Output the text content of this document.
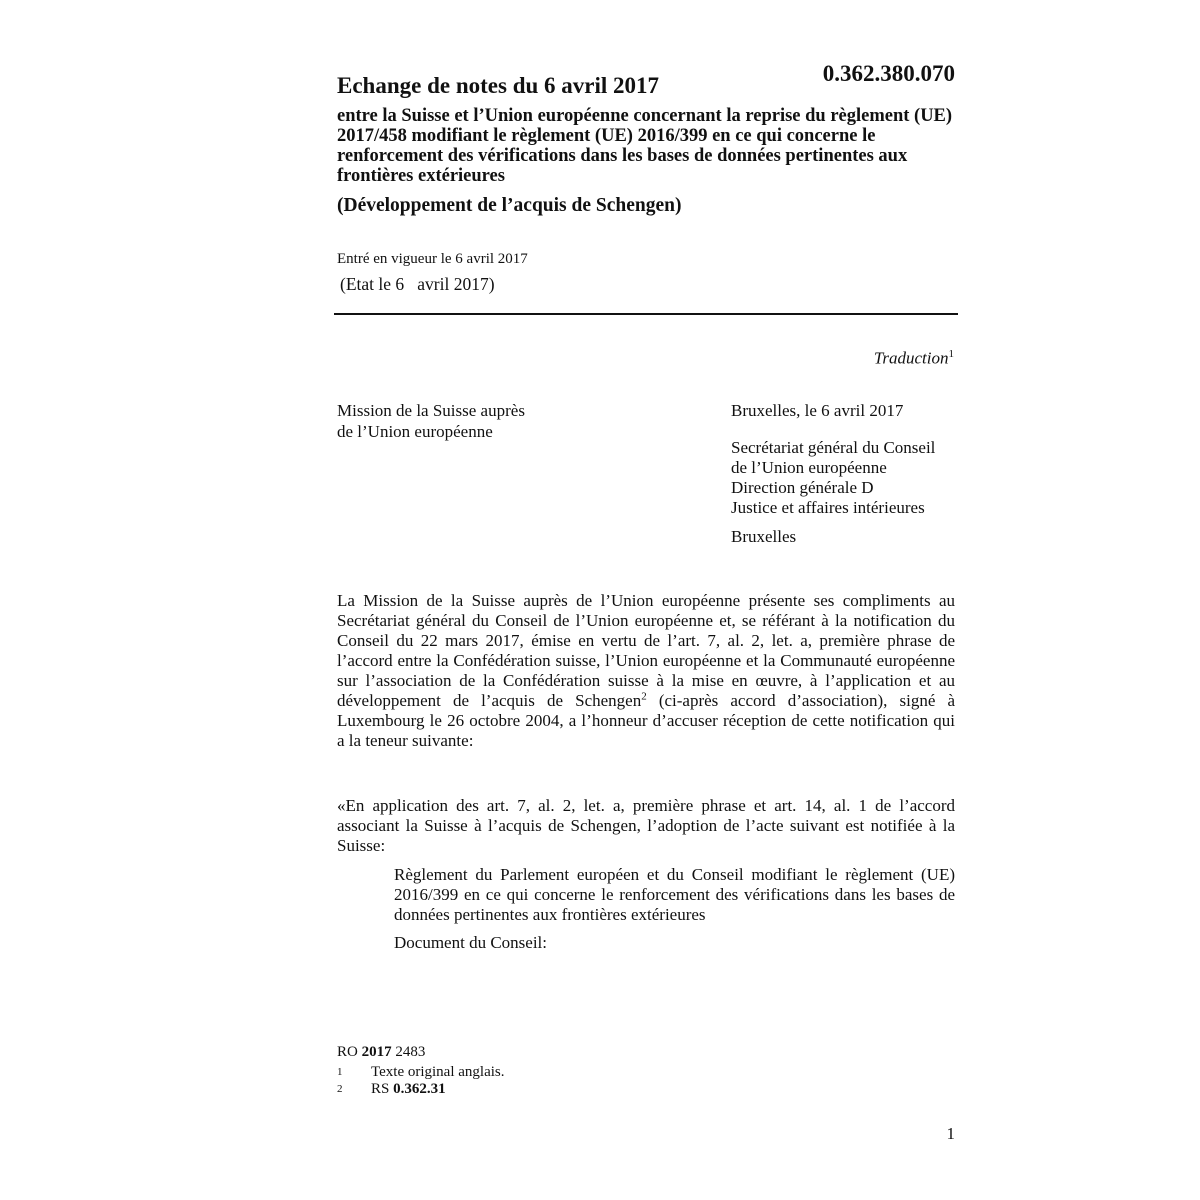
Echange de notes du 6 avril 2017	0.362.380.070
entre la Suisse et l’Union européenne concernant la reprise du règlement (UE) 2017/458 modifiant le règlement (UE) 2016/399 en ce qui concerne le renforcement des vérifications dans les bases de données pertinentes aux frontières extérieures
(Développement de l’acquis de Schengen)
Entré en vigueur le 6 avril 2017
(Etat le 6   avril 2017)
Traduction$^1$
Mission de la Suisse auprès
de l’Union européenne
Bruxelles, le 6 avril 2017
Secrétariat général du Conseil
de l’Union européenne
Direction générale D
Justice et affaires intérieures
Bruxelles
La Mission de la Suisse auprès de l’Union européenne présente ses compliments au Secrétariat général du Conseil de l’Union européenne et, se référant à la notification du Conseil du 22 mars 2017, émise en vertu de l’art. 7, al. 2, let. a, première phrase de l’accord entre la Confédération suisse, l’Union européenne et la Communauté européenne sur l’association de la Confédération suisse à la mise en œuvre, à l’application et au développement de l’acquis de Schengen$^2$ (ci-après accord d’association), signé à Luxembourg le 26 octobre 2004, a l’honneur d’accuser réception de cette notification qui a la teneur suivante:
«En application des art. 7, al. 2, let. a, première phrase et art. 14, al. 1 de l’accord associant la Suisse à l’acquis de Schengen, l’adoption de l’acte suivant est notifiée à la Suisse:
Règlement du Parlement européen et du Conseil modifiant le règlement (UE) 2016/399 en ce qui concerne le renforcement des vérifications dans les bases de données pertinentes aux frontières extérieures
Document du Conseil:
RO 2017 2483
1 Texte original anglais.
2 RS 0.362.31
1
